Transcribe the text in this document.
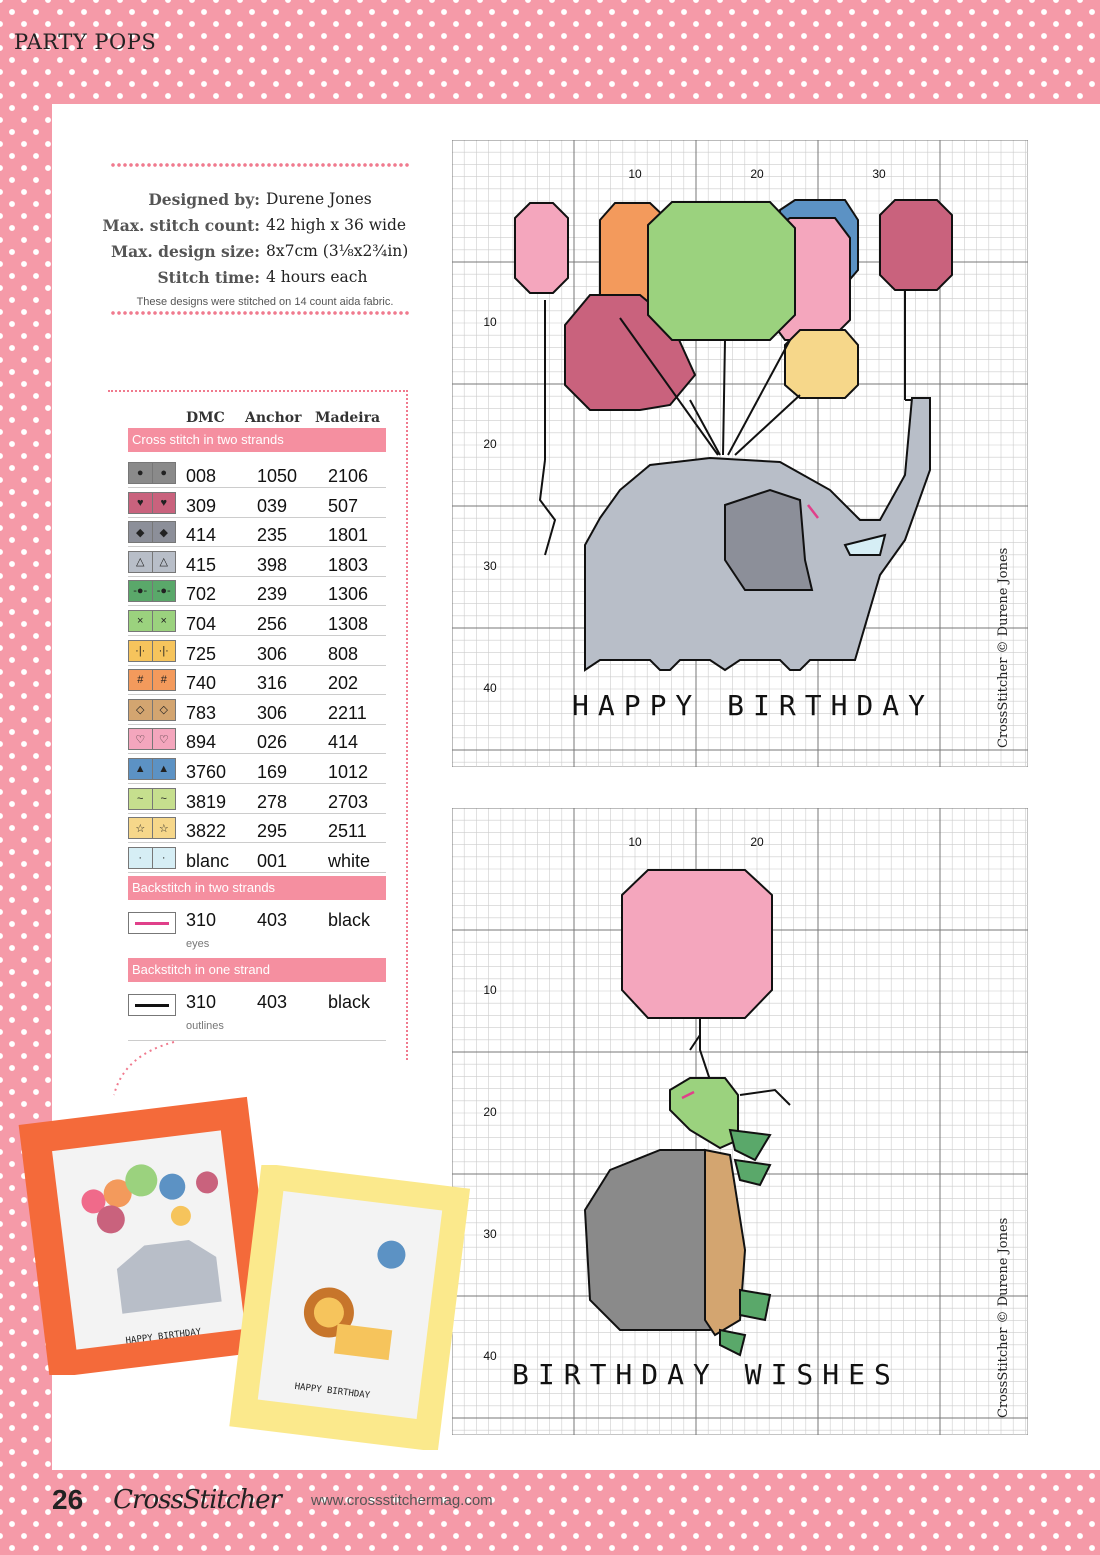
PARTY POPS
Designed by: Durene Jones
Max. stitch count: 42 high x 36 wide
Max. design size: 8x7cm (3⅛x2¾in)
Stitch time: 4 hours each
These designs were stitched on 14 count aida fabric.
DMC Anchor Madeira
Cross stitch in two strands
●	●	008 1050 2106
♥	♥	309 039 507
◆	◆	414 235 1801
△	△	415 398 1803
-●- -●- 702 239 1306
×	×	704 256 1308
·|·	·|· 725 306 808
#	#	740 316 202
◇	◇	783 306 2211
♡	♡ 894 026 414
▲	▲ 3760 169 1012
~	~	3819 278 2703
☆	☆ 3822 295 2511
·	·	blanc 001 white
Backstitch in two strands
310 403 black
eyes
Backstitch in one strand
310 403 black
outlines
10	20	30
10
20
30
40
HAPPY BIRTHDAY	CrossStitcher © Durene Jones
10	20
10
20
30
40
BIRTHDAY WISHES	CrossStitcher © Durene Jones
HAPPY BIRTHDAY
HAPPY BIRTHDAY
26 CrossStitcher www.crossstitchermag.com
